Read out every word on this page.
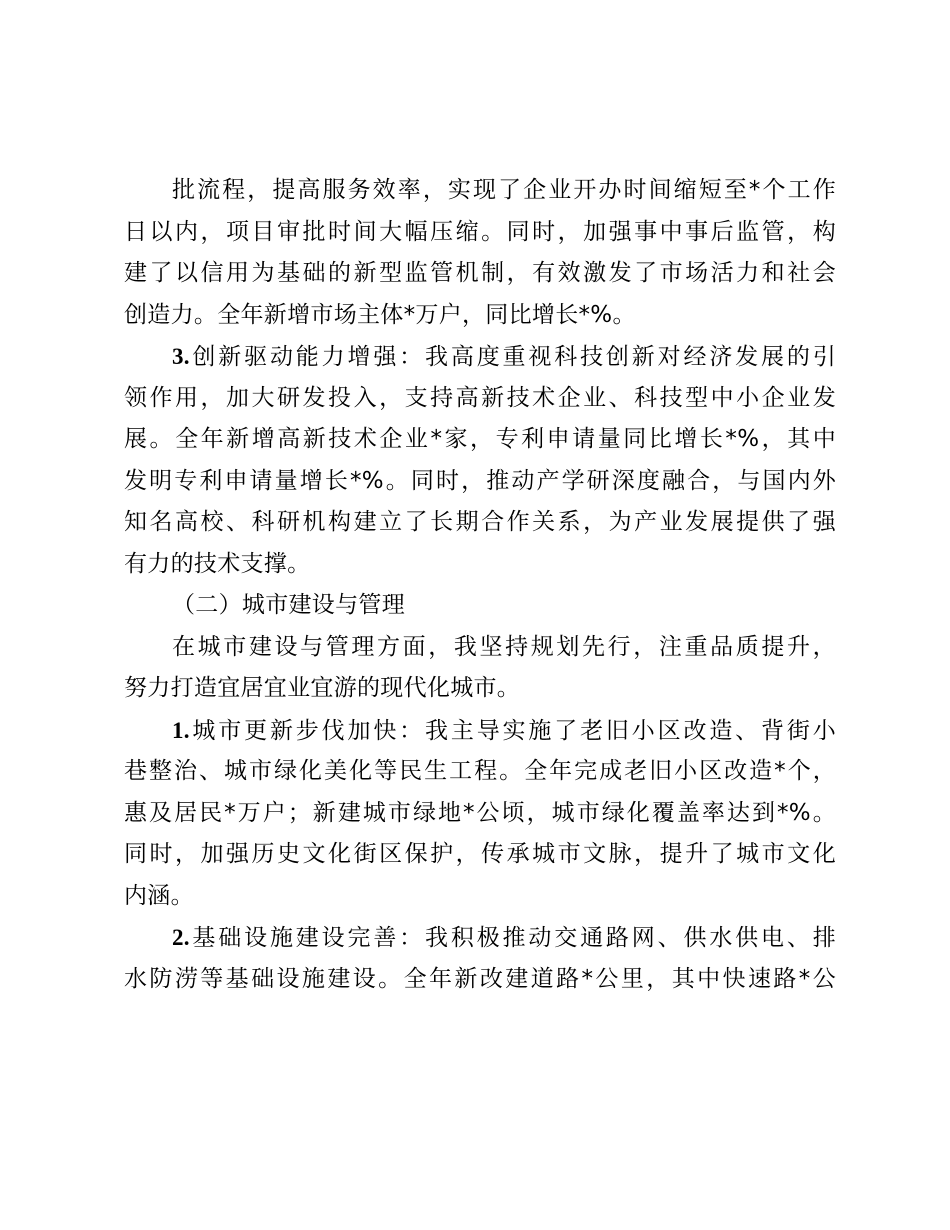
批流程，提高服务效率，实现了企业开办时间缩短至*个工作
日以内，项目审批时间大幅压缩。同时，加强事中事后监管，构
建了以信用为基础的新型监管机制，有效激发了市场活力和社会
创造力。全年新增市场主体*万户，同比增长*%。
3.创新驱动能力增强：我高度重视科技创新对经济发展的引
领作用，加大研发投入，支持高新技术企业、科技型中小企业发
展。全年新增高新技术企业*家，专利申请量同比增长*%，其中
发明专利申请量增长*%。同时，推动产学研深度融合，与国内外
知名高校、科研机构建立了长期合作关系，为产业发展提供了强
有力的技术支撑。
（二）城市建设与管理
在城市建设与管理方面，我坚持规划先行，注重品质提升，
努力打造宜居宜业宜游的现代化城市。
1.城市更新步伐加快：我主导实施了老旧小区改造、背街小
巷整治、城市绿化美化等民生工程。全年完成老旧小区改造*个，
惠及居民*万户；新建城市绿地*公顷，城市绿化覆盖率达到*%。
同时，加强历史文化街区保护，传承城市文脉，提升了城市文化
内涵。
2.基础设施建设完善：我积极推动交通路网、供水供电、排
水防涝等基础设施建设。全年新改建道路*公里，其中快速路*公
